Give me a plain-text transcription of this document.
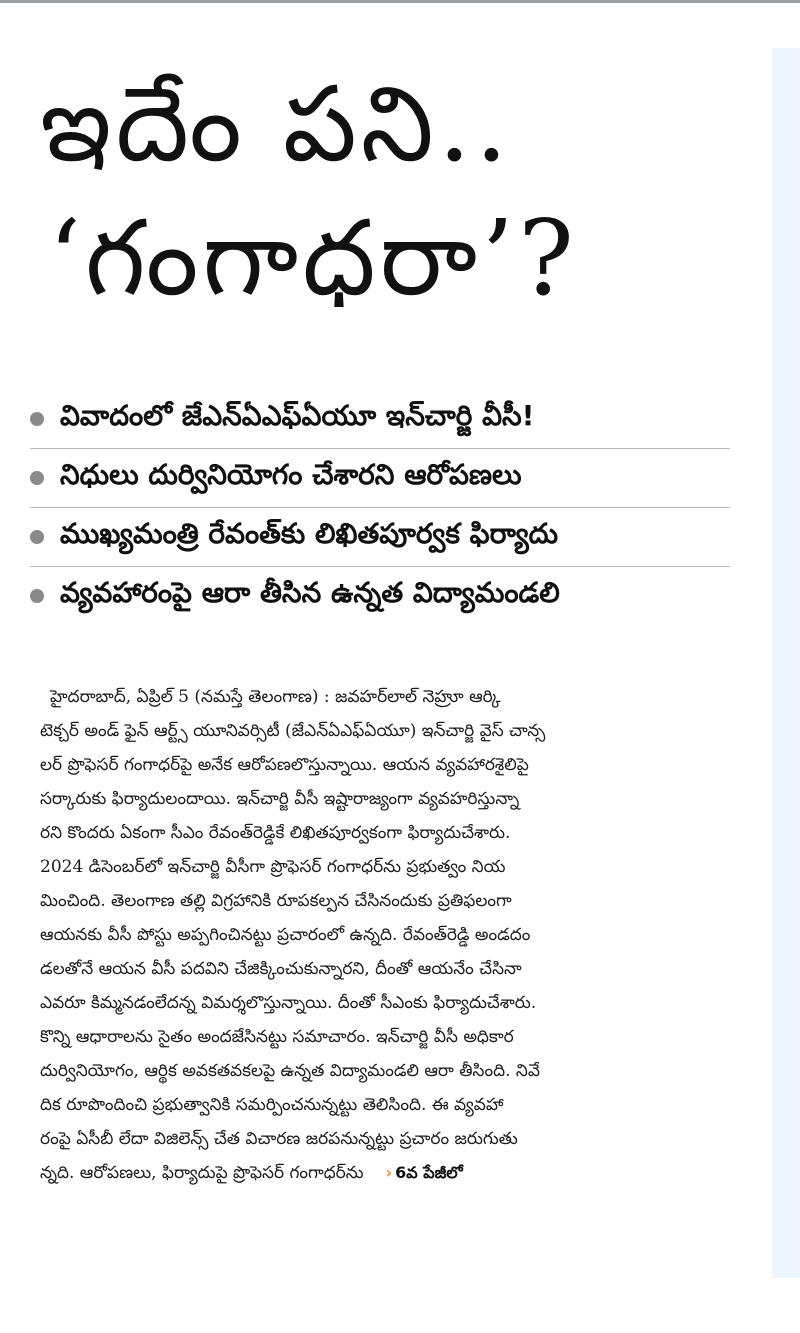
ఇదేం పని..
‘గంగాధరా’?
వివాదంలో జేఎన్‌ఏఎఫ్‌ఏయూ ఇన్‌చార్జి వీసీ!
నిధులు దుర్వినియోగం చేశారని ఆరోపణలు
ముఖ్యమంత్రి రేవంత్‌కు లిఖితపూర్వక ఫిర్యాదు
వ్యవహారంపై ఆరా తీసిన ఉన్నత విద్యామండలి
హైదరాబాద్, ఏప్రిల్ 5 (నమస్తే తెలంగాణ) : జవహర్‌లాల్ నెహ్రూ ఆర్కి
టెక్చర్ అండ్ ఫైన్ ఆర్ట్స్ యూనివర్సిటీ (జేఎన్‌ఏఎఫ్‌ఏయూ) ఇన్‌చార్జి వైస్ చాన్స
లర్ ప్రొఫెసర్ గంగాధర్‌పై అనేక ఆరోపణలొస్తున్నాయి. ఆయన వ్యవహారశైలిపై
సర్కారుకు ఫిర్యాదులందాయి. ఇన్‌చార్జి వీసీ ఇష్టారాజ్యంగా వ్యవహరిస్తున్నా
రని కొందరు ఏకంగా సీఎం రేవంత్‌రెడ్డికే లిఖితపూర్వకంగా ఫిర్యాదుచేశారు.
2024 డిసెంబర్‌లో ఇన్‌చార్జి వీసీగా ప్రొఫెసర్ గంగాధర్‌ను ప్రభుత్వం నియ
మించింది. తెలంగాణ తల్లి విగ్రహానికి రూపకల్పన చేసినందుకు ప్రతిఫలంగా
ఆయనకు వీసీ పోస్టు అప్పగించినట్టు ప్రచారంలో ఉన్నది. రేవంత్‌రెడ్డి అండదం
డలతోనే ఆయన వీసీ పదవిని చేజిక్కించుకున్నారని, దీంతో ఆయనేం చేసినా
ఎవరూ కిమ్మనడంలేదన్న విమర్శలొస్తున్నాయి. దీంతో సీఎంకు ఫిర్యాదుచేశారు.
కొన్ని ఆధారాలను సైతం అందజేసినట్టు సమాచారం. ఇన్‌చార్జి వీసీ అధికార
దుర్వినియోగం, ఆర్థిక అవకతవకలపై ఉన్నత విద్యామండలి ఆరా తీసింది. నివే
దిక రూపొందించి ప్రభుత్వానికి సమర్పించనున్నట్టు తెలిసింది. ఈ వ్యవహా
రంపై ఏసీబీ లేదా విజిలెన్స్ చేత విచారణ జరపనున్నట్టు ప్రచారం జరుగుతు
న్నది. ఆరోపణలు, ఫిర్యాదుపై ప్రొఫెసర్ గంగాధర్‌ను › 6వ పేజీలో
